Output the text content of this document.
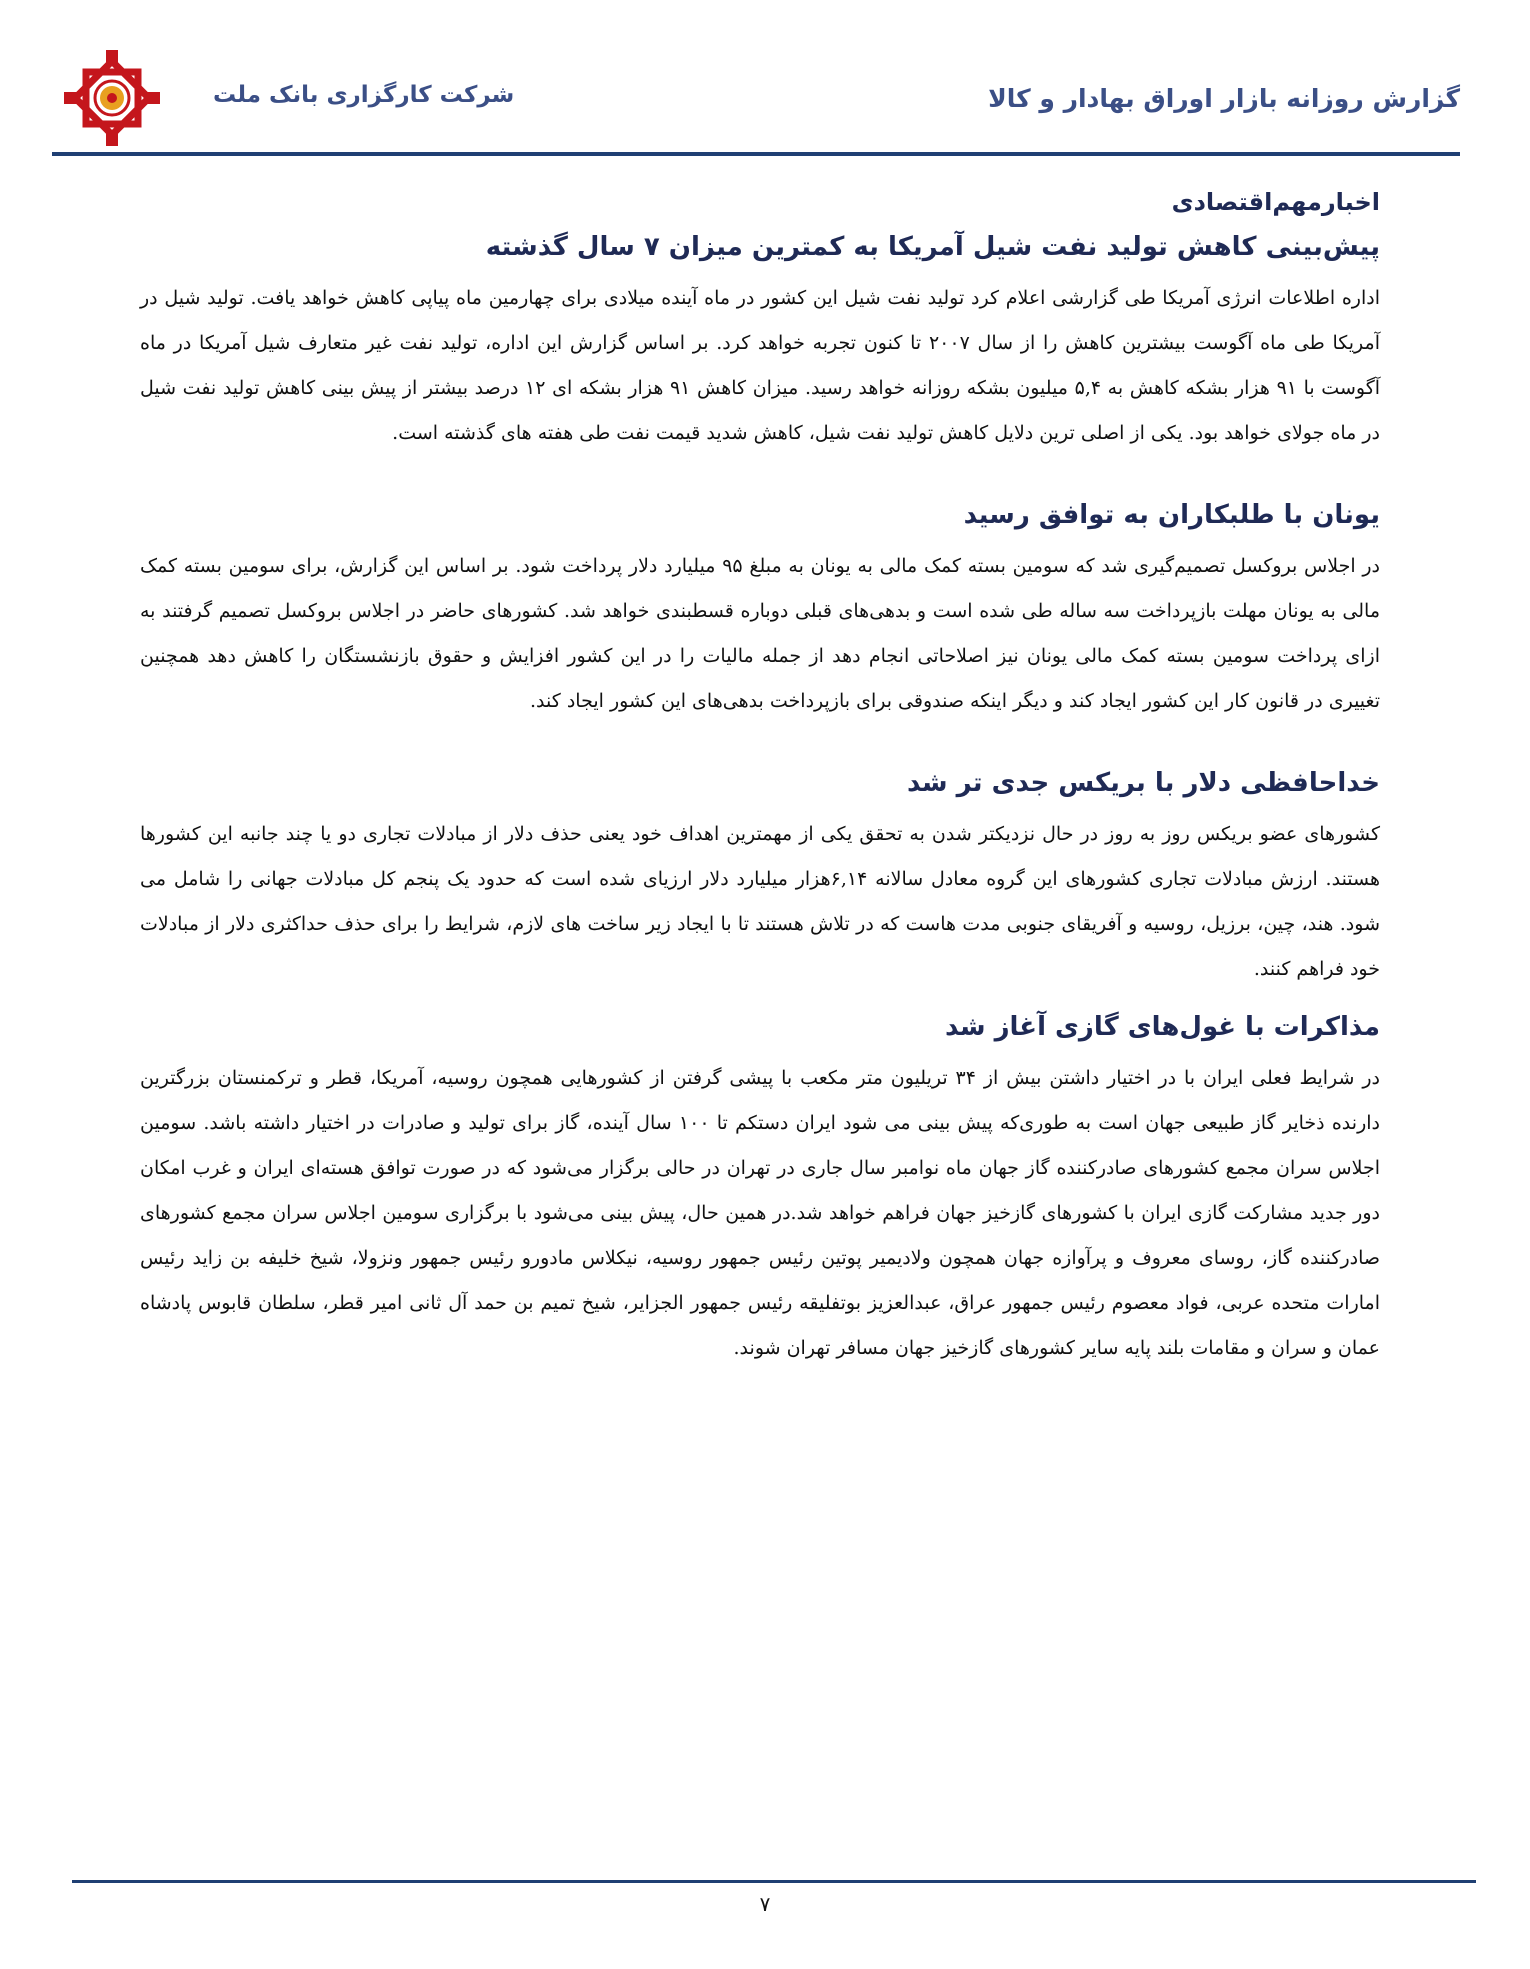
شرکت کارگزاری بانک ملت	گزارش روزانه بازار اوراق بهادار و کالا
اخبارمهم‌اقتصادی
پیش‌بینی کاهش تولید نفت شیل آمریکا به کمترین میزان ۷ سال گذشته

اداره اطلاعات انرژی آمریکا طی گزارشی اعلام کرد تولید نفت شیل این کشور در ماه آینده میلادی برای چهارمین ماه پیاپی کاهش خواهد یافت. تولید شیل در آمریکا طی ماه آگوست بیشترین کاهش را از سال ۲۰۰۷ تا کنون تجربه خواهد کرد. بر اساس گزارش این اداره، تولید نفت غیر متعارف شیل آمریکا در ماه آگوست با ۹۱ هزار بشکه کاهش به ۵,۴ میلیون بشکه روزانه خواهد رسید. میزان کاهش ۹۱ هزار بشکه ای ۱۲ درصد بیشتر از پیش بینی کاهش تولید نفت شیل در ماه جولای خواهد بود. یکی از اصلی ترین دلایل کاهش تولید نفت شیل، کاهش شدید قیمت نفت طی هفته های گذشته است.

یونان با طلبکاران به توافق رسید

در اجلاس بروکسل تصمیم‌گیری شد که سومین بسته کمک مالی به یونان به مبلغ ۹۵ میلیارد دلار پرداخت شود. بر اساس این گزارش، برای سومین بسته کمک مالی به یونان مهلت بازپرداخت سه ساله طی شده است و بدهی‌های قبلی دوباره قسطبندی خواهد شد. کشورهای حاضر در اجلاس بروکسل تصمیم گرفتند به ازای پرداخت سومین بسته کمک مالی یونان نیز اصلاحاتی انجام دهد از جمله مالیات را در این کشور افزایش و حقوق بازنشستگان را کاهش دهد همچنین تغییری در قانون کار این کشور ایجاد کند و دیگر اینکه صندوقی برای بازپرداخت بدهی‌های این کشور ایجاد کند.

خداحافظی دلار با بریکس جدی تر شد

کشورهای عضو بریکس روز به روز در حال نزدیکتر شدن به تحقق یکی از مهمترین اهداف خود یعنی حذف دلار از مبادلات تجاری دو یا چند جانبه این کشورها هستند. ارزش مبادلات تجاری کشورهای این گروه معادل سالانه ۶,۱۴هزار میلیارد دلار ارزیای شده است که حدود یک پنجم کل مبادلات جهانی را شامل می شود. هند، چین، برزیل، روسیه و آفریقای جنوبی مدت هاست که در تلاش هستند تا با ایجاد زیر ساخت های لازم، شرایط را برای حذف حداکثری دلار از مبادلات خود فراهم کنند.

مذاکرات با غول‌های گازی آغاز شد

در شرایط فعلی ایران با در اختیار داشتن بیش از ۳۴ تریلیون متر مکعب با پیشی گرفتن از کشورهایی همچون روسیه، آمریکا، قطر و ترکمنستان بزرگترین دارنده ذخایر گاز طبیعی جهان است به طوری‌که پیش بینی می شود ایران دستکم تا ۱۰۰ سال آینده، گاز برای تولید و صادرات در اختیار داشته باشد. سومین اجلاس سران مجمع کشورهای صادرکننده گاز جهان ماه نوامبر سال جاری در تهران در حالی برگزار می‌شود که در صورت توافق هسته‌ای ایران و غرب امکان دور جدید مشارکت گازی ایران با کشورهای گازخیز جهان فراهم خواهد شد.در همین حال، پیش بینی می‌شود با برگزاری سومین اجلاس سران مجمع کشورهای صادرکننده گاز، روسای معروف و پرآوازه جهان همچون ولادیمیر پوتین رئیس جمهور روسیه، نیکلاس مادورو رئیس جمهور ونزولا، شیخ خلیفه بن زاید رئیس امارات متحده عربی، فواد معصوم رئیس جمهور عراق، عبدالعزیز بوتفلیقه رئیس جمهور الجزایر، شیخ تمیم بن حمد آل ثانی امیر قطر، سلطان قابوس پادشاه عمان و سران و مقامات بلند پایه سایر کشورهای گازخیز جهان مسافر تهران شوند.

۷
